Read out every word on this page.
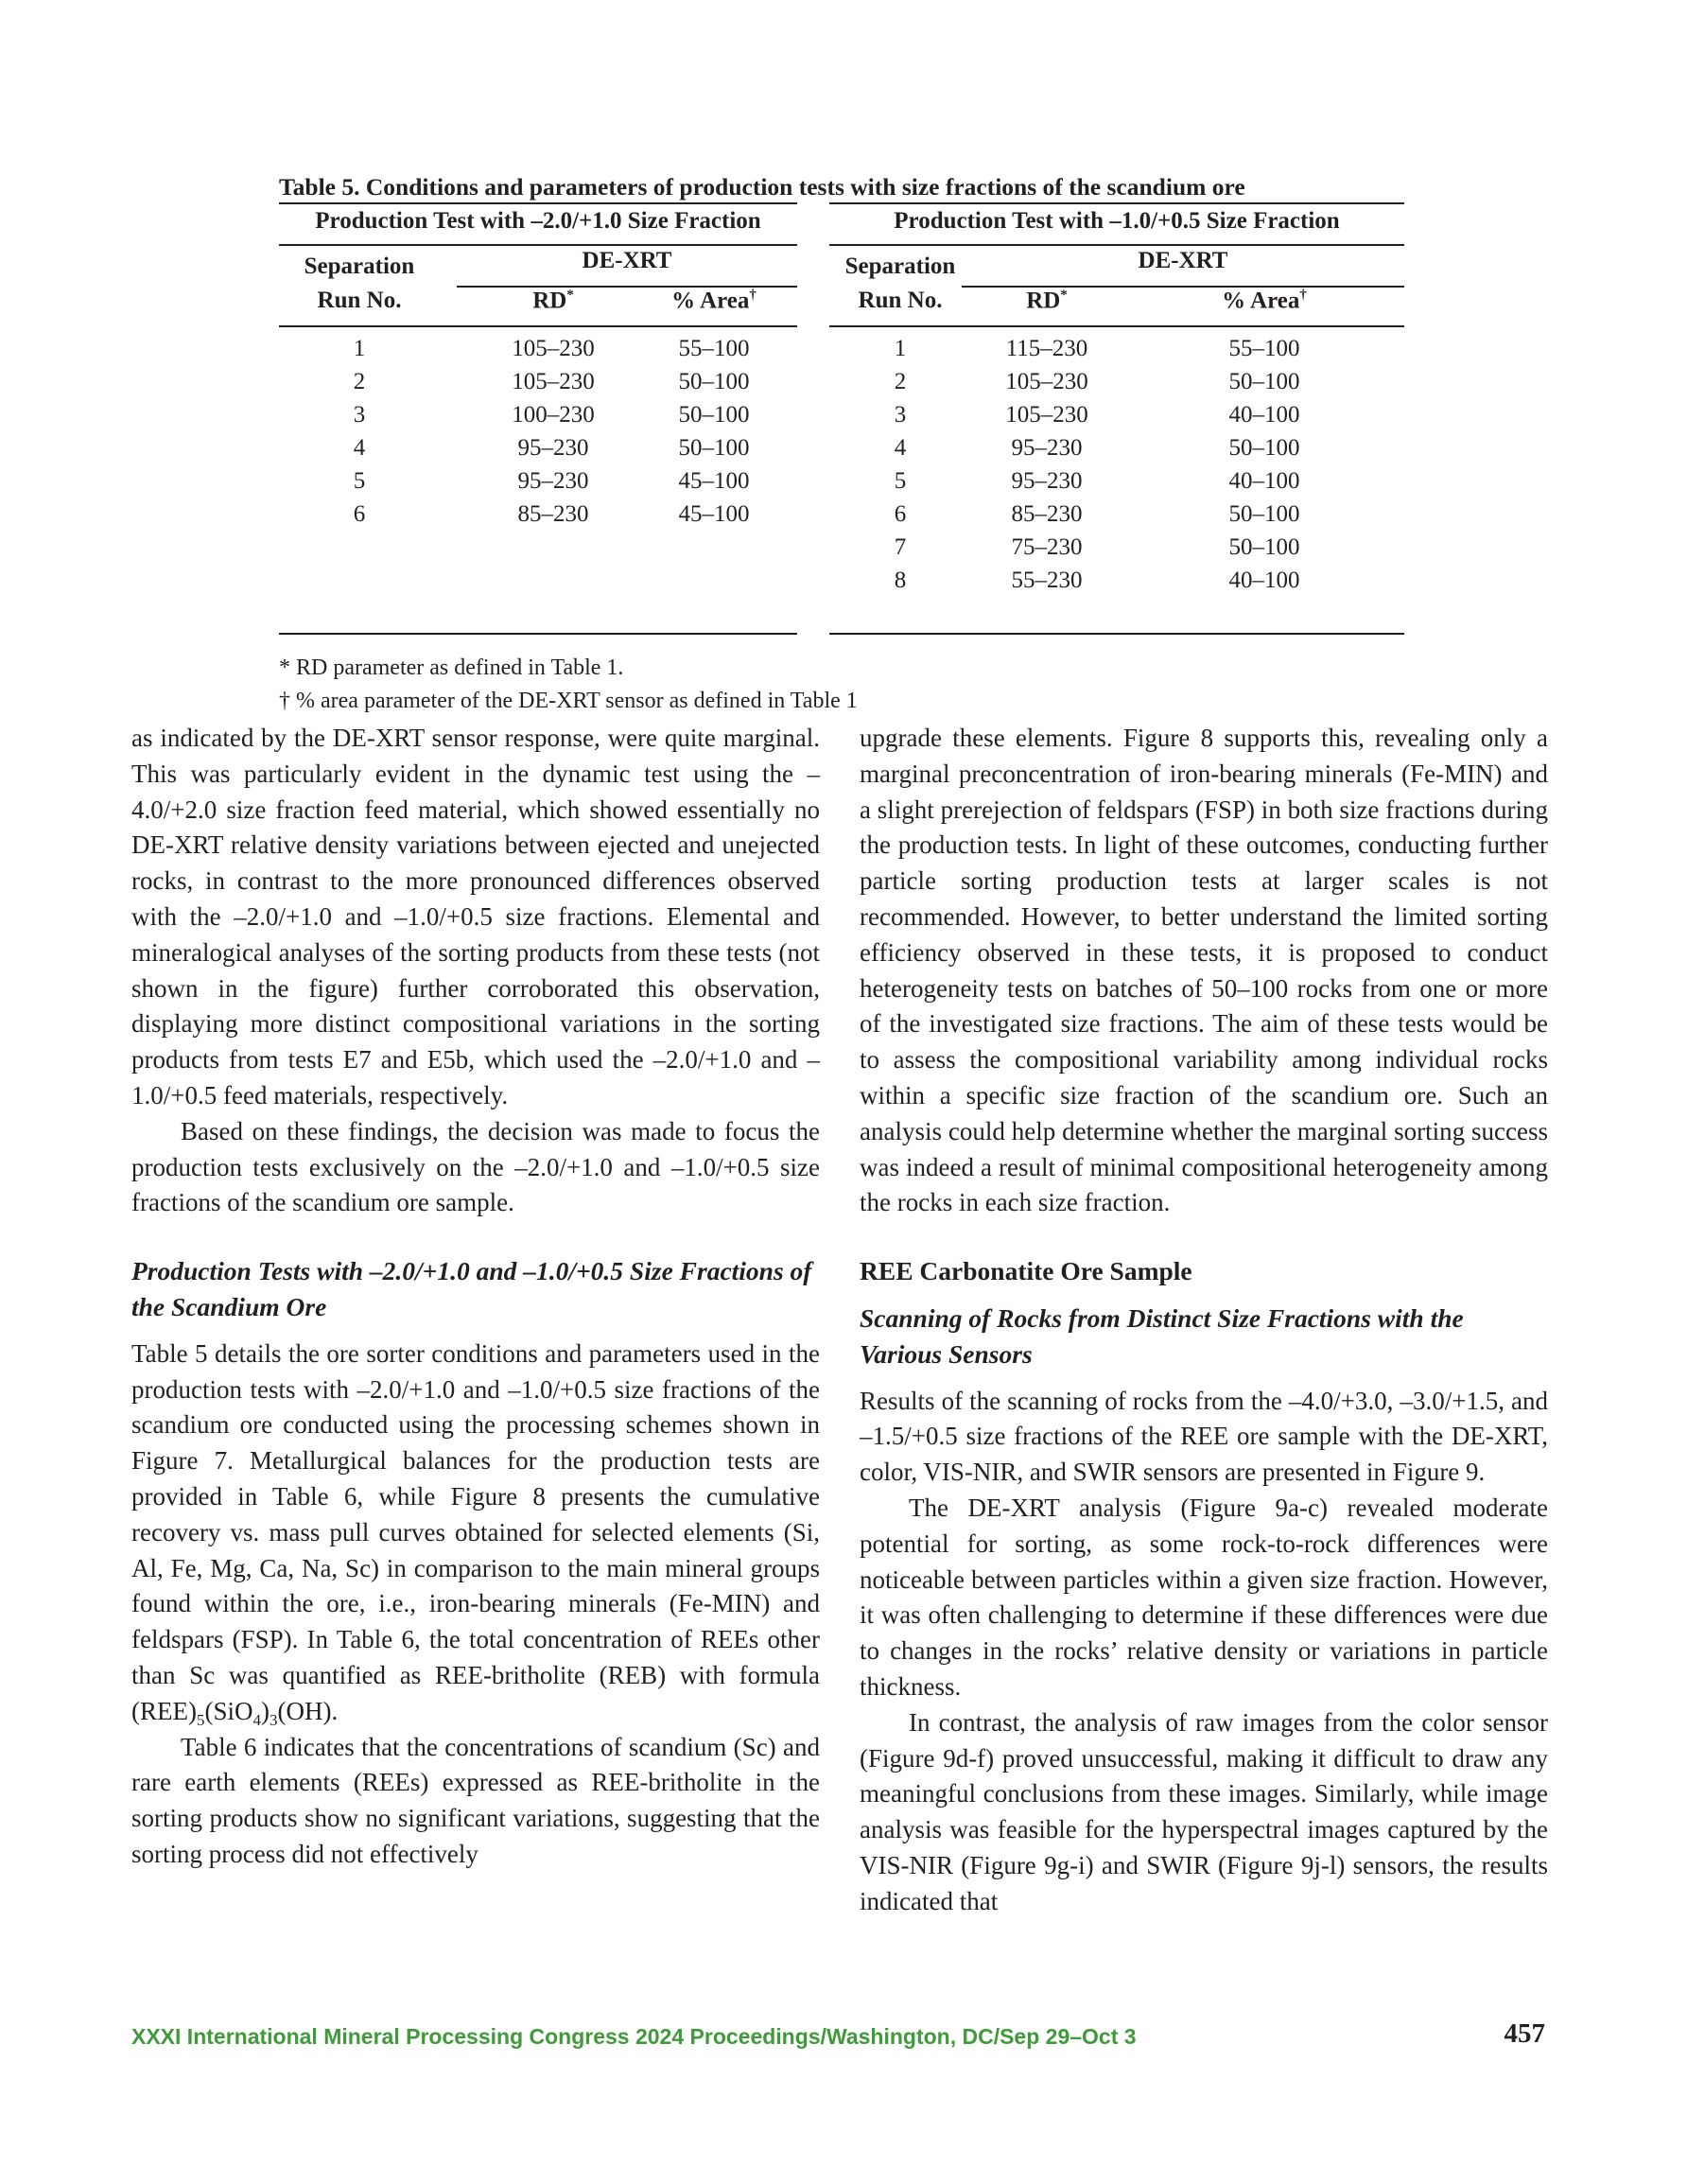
Table 5. Conditions and parameters of production tests with size fractions of the scandium ore
Production Test with –2.0/+1.0 Size Fraction
Separation
Run No.
DE-XRT
RD*	% Area†
1	105–230	55–100
2	105–230	50–100
3	100–230	50–100
4	95–230	50–100
5	95–230	45–100
6	85–230	45–100
Production Test with –1.0/+0.5 Size Fraction
Separation
Run No.
DE-XRT
RD*	% Area†
1	115–230	55–100
2	105–230	50–100
3	105–230	40–100
4	95–230	50–100
5	95–230	40–100
6	85–230	50–100
7	75–230	50–100
8	55–230	40–100
* RD parameter as defined in Table 1.
† % area parameter of the DE-XRT sensor as defined in Table 1

as indicated by the DE-XRT sensor response, were quite marginal. This was particularly evident in the dynamic test using the –4.0/+2.0 size fraction feed material, which showed essentially no DE-XRT relative density variations between ejected and unejected rocks, in contrast to the more pronounced differences observed with the –2.0/+1.0 and –1.0/+0.5 size fractions. Elemental and mineralogical analyses of the sorting products from these tests (not shown in the figure) further corroborated this observation, displaying more distinct compositional variations in the sorting products from tests E7 and E5b, which used the –2.0/+1.0 and –1.0/+0.5 feed materials, respectively.

Based on these findings, the decision was made to focus the production tests exclusively on the –2.0/+1.0 and –1.0/+0.5 size fractions of the scandium ore sample.

Production Tests with –2.0/+1.0 and –1.0/+0.5 Size Fractions of the Scandium Ore

Table 5 details the ore sorter conditions and parameters used in the production tests with –2.0/+1.0 and –1.0/+0.5 size fractions of the scandium ore conducted using the processing schemes shown in Figure 7. Metallurgical balances for the production tests are provided in Table 6, while Figure 8 presents the cumulative recovery vs. mass pull curves obtained for selected elements (Si, Al, Fe, Mg, Ca, Na, Sc) in comparison to the main mineral groups found within the ore, i.e., iron-bearing minerals (Fe-MIN) and feldspars (FSP). In Table 6, the total concentration of REEs other than Sc was quantified as REE-britholite (REB) with formula $(REE)_5(SiO_4)_3(OH)$.

Table 6 indicates that the concentrations of scandium (Sc) and rare earth elements (REEs) expressed as REE-britholite in the sorting products show no significant variations, suggesting that the sorting process did not effectively

upgrade these elements. Figure 8 supports this, revealing only a marginal preconcentration of iron-bearing minerals (Fe-MIN) and a slight prerejection of feldspars (FSP) in both size fractions during the production tests. In light of these outcomes, conducting further particle sorting production tests at larger scales is not recommended. However, to better understand the limited sorting efficiency observed in these tests, it is proposed to conduct heterogeneity tests on batches of 50–100 rocks from one or more of the investigated size fractions. The aim of these tests would be to assess the compositional variability among individual rocks within a specific size fraction of the scandium ore. Such an analysis could help determine whether the marginal sorting success was indeed a result of minimal compositional heterogeneity among the rocks in each size fraction.

REE Carbonatite Ore Sample
Scanning of Rocks from Distinct Size Fractions with the Various Sensors

Results of the scanning of rocks from the –4.0/+3.0, –3.0/+1.5, and –1.5/+0.5 size fractions of the REE ore sample with the DE-XRT, color, VIS-NIR, and SWIR sensors are presented in Figure 9.

The DE-XRT analysis (Figure 9a-c) revealed moderate potential for sorting, as some rock-to-rock differences were noticeable between particles within a given size fraction. However, it was often challenging to determine if these differences were due to changes in the rocks’ relative density or variations in particle thickness.

In contrast, the analysis of raw images from the color sensor (Figure 9d-f) proved unsuccessful, making it difficult to draw any meaningful conclusions from these images. Similarly, while image analysis was feasible for the hyperspectral images captured by the VIS-NIR (Figure 9g-i) and SWIR (Figure 9j-l) sensors, the results indicated that

XXXI International Mineral Processing Congress 2024 Proceedings/Washington, DC/Sep 29–Oct 3	457
